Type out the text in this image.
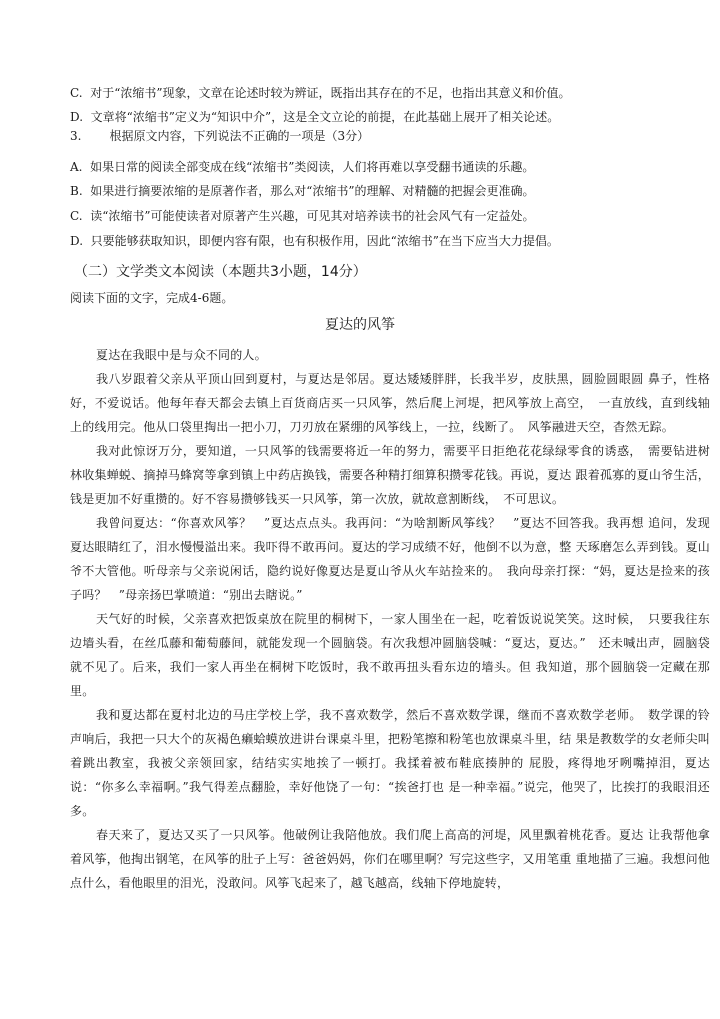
C. 对于“浓缩书”现象，文章在论述时较为辨证，既指出其存在的不足，也指出其意义和价值。
D. 文章将“浓缩书”定义为“知识中介”，这是全文立论的前提，在此基础上展开了相关论述。
3. 根据原文内容，下列说法不正确的一项是（3分）
A. 如果日常的阅读全部变成在线“浓缩书”类阅读，人们将再难以享受翻书通读的乐趣。
B. 如果进行摘要浓缩的是原著作者，那么对“浓缩书”的理解、对精髓的把握会更准确。
C. 读“浓缩书”可能使读者对原著产生兴趣，可见其对培养读书的社会风气有一定益处。
D. 只要能够获取知识，即便内容有限，也有积极作用，因此“浓缩书”在当下应当大力提倡。
（二）文学类文本阅读（本题共3小题，14分）
阅读下面的文字，完成4-6题。
夏达的风筝

夏达在我眼中是与众不同的人。

我八岁跟着父亲从平顶山回到夏村，与夏达是邻居。夏达矮矮胖胖，长我半岁，皮肤黑，圆脸圆眼圆 鼻子，性格好，不爱说话。他每年春天都会去镇上百货商店买一只风筝，然后爬上河堤，把风筝放上高空，　一直放线，直到线轴上的线用完。他从口袋里掏出一把小刀，刀刃放在紧绷的风筝线上，一拉，线断了。　风筝融进天空，杳然无踪。

我对此惊讶万分，要知道，一只风筝的钱需要将近一年的努力，需要平日拒绝花花绿绿零食的诱惑，　需要钻进树林收集蝉蜕、摘掉马蜂窝等拿到镇上中药店换钱，需要各种精打细算积攒零花钱。再说，夏达 跟着孤寡的夏山爷生活，钱是更加不好重攒的。好不容易攒够钱买一只风筝，第一次放，就故意割断线，　不可思议。

我曾问夏达：“你喜欢风筝？　”夏达点点头。我再问：“为啥割断风筝线？　”夏达不回答我。我再想 追问，发现夏达眼睛红了，泪水慢慢溢出来。我吓得不敢再问。夏达的学习成绩不好，他倒不以为意，整 天琢磨怎么弄到钱。夏山爷不大管他。听母亲与父亲说闲话，隐约说好像夏达是夏山爷从火车站捡来的。　我向母亲打探：“妈，夏达是捡来的孩子吗？　”母亲扬巴掌喷道：“别出去瞎说。”

天气好的时候，父亲喜欢把饭桌放在院里的桐树下，一家人围坐在一起，吃着饭说说笑笑。这时候，　只要我往东边墙头看，在丝瓜藤和葡萄藤间，就能发现一个圆脑袋。有次我想冲圆脑袋喊：“夏达，夏达。”　还未喊出声，圆脑袋就不见了。后来，我们一家人再坐在桐树下吃饭时，我不敢再扭头看东边的墙头。但 我知道，那个圆脑袋一定藏在那里。

我和夏达都在夏村北边的马庄学校上学，我不喜欢数学，然后不喜欢数学课，继而不喜欢数学老师。　数学课的铃声响后，我把一只大个的灰褐色癞蛤蟆放进讲台课桌斗里，把粉笔擦和粉笔也放课桌斗里，结 果是教数学的女老师尖叫着跳出教室，我被父亲领回家，结结实实地挨了一顿打。我揉着被布鞋底揍肿的 屁股，疼得地牙咧嘴掉泪，夏达说：“你多么幸福啊。”我气得差点翻脸，幸好他饶了一句：“挨爸打也 是一种幸福。”说完，他哭了，比挨打的我眼泪还多。

春天来了，夏达又买了一只风筝。他破例让我陪他放。我们爬上高高的河堤，风里飘着桃花香。夏达 让我帮他拿着风筝，他掏出钢笔，在风筝的肚子上写：爸爸妈妈，你们在哪里啊？写完这些字，又用笔重 重地描了三遍。我想问他点什么，看他眼里的泪光，没敢问。风筝飞起来了，越飞越高，线轴下停地旋转，
